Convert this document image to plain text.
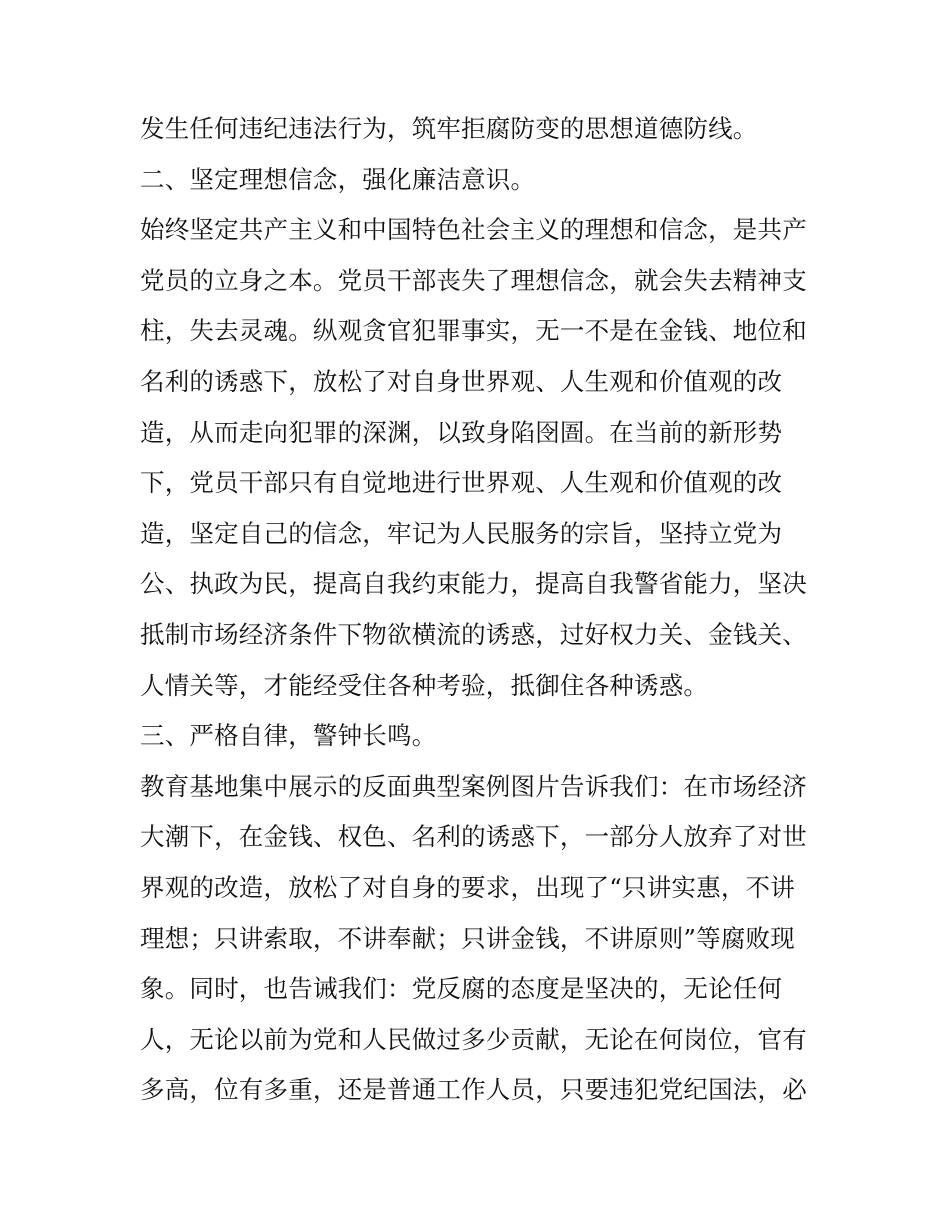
发生任何违纪违法行为，筑牢拒腐防变的思想道德防线。
二、坚定理想信念，强化廉洁意识。
始终坚定共产主义和中国特色社会主义的理想和信念，是共产
党员的立身之本。党员干部丧失了理想信念，就会失去精神支
柱，失去灵魂。纵观贪官犯罪事实，无一不是在金钱、地位和
名利的诱惑下，放松了对自身世界观、人生观和价值观的改
造，从而走向犯罪的深渊，以致身陷囹圄。在当前的新形势
下，党员干部只有自觉地进行世界观、人生观和价值观的改
造，坚定自己的信念，牢记为人民服务的宗旨，坚持立党为
公、执政为民，提高自我约束能力，提高自我警省能力，坚决
抵制市场经济条件下物欲横流的诱惑，过好权力关、金钱关、
人情关等，才能经受住各种考验，抵御住各种诱惑。
三、严格自律，警钟长鸣。
教育基地集中展示的反面典型案例图片告诉我们：在市场经济
大潮下，在金钱、权色、名利的诱惑下，一部分人放弃了对世
界观的改造，放松了对自身的要求，出现了“只讲实惠，不讲
理想；只讲索取，不讲奉献；只讲金钱，不讲原则”等腐败现
象。同时，也告诫我们：党反腐的态度是坚决的，无论任何
人，无论以前为党和人民做过多少贡献，无论在何岗位，官有
多高，位有多重，还是普通工作人员，只要违犯党纪国法，必
